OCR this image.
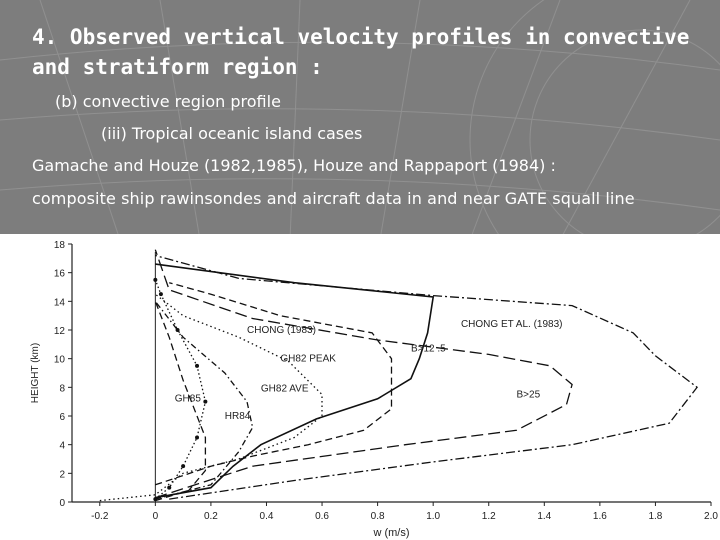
4. Observed vertical velocity profiles in convective and stratiform region :
(b) convective region profile
(iii) Tropical oceanic island cases
Gamache and Houze (1982,1985), Houze and Rappaport (1984) :
composite ship rawinsondes and aircraft data in and near GATE squall line
-0.2	0	0.2	0.4	0.6	0.8	1.0	1.2	1.4	1.6	1.8	2.0
0
2
4
6
8
10
12
14
16
18
CHONG (1983)
CHONG ET AL. (1983)
GH82 PEAK
B>12 .5
GH85
GH82 AVE
HR84
B>25
w (m/s)
HEIGHT (km)
